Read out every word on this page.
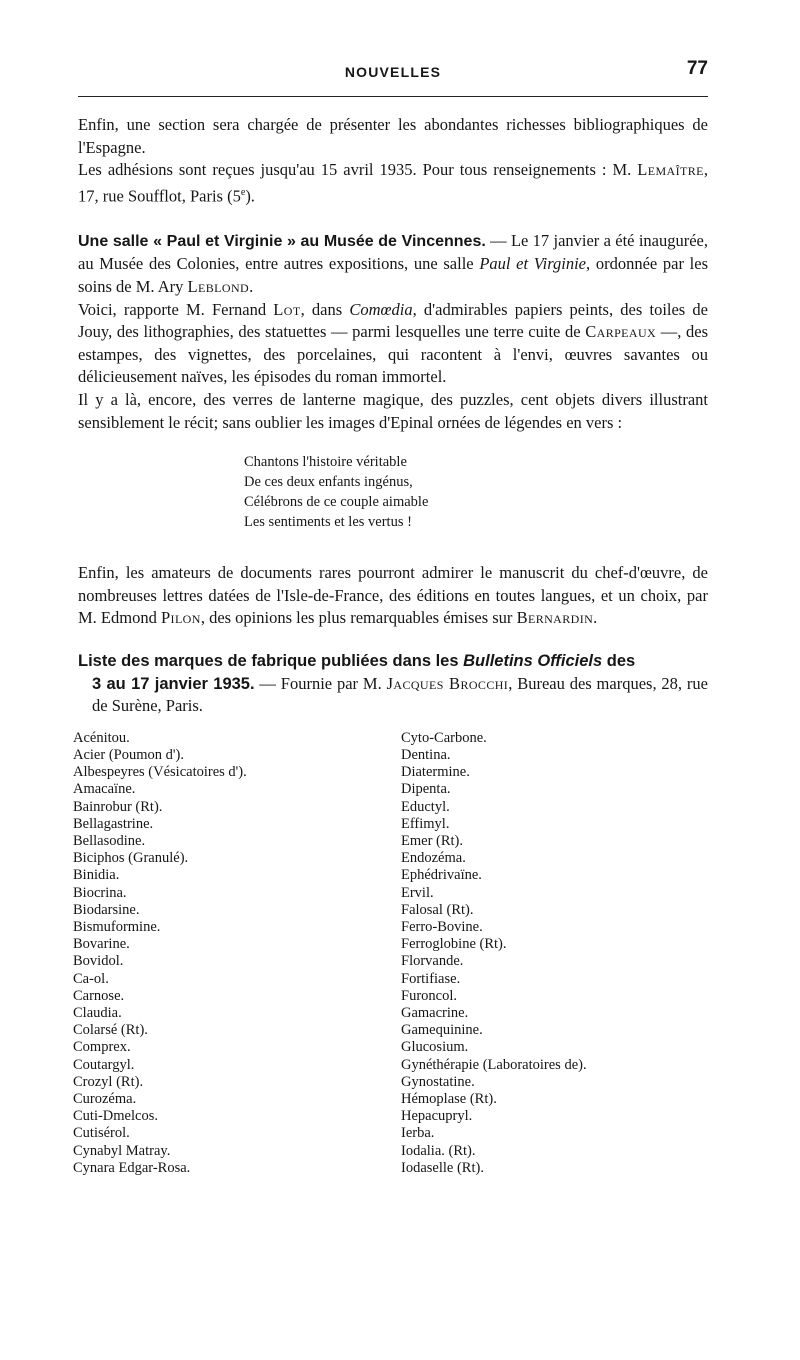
NOUVELLES	77

Enfin, une section sera chargée de présenter les abondantes richesses bibliographiques de l'Espagne.

Les adhésions sont reçues jusqu'au 15 avril 1935. Pour tous renseignements : M. Lemaître, 17, rue Soufflot, Paris (5e).

Une salle « Paul et Virginie » au Musée de Vincennes. — Le 17 janvier a été inaugurée, au Musée des Colonies, entre autres expositions, une salle Paul et Virginie, ordonnée par les soins de M. Ary Leblond.

Voici, rapporte M. Fernand Lot, dans Comœdia, d'admirables papiers peints, des toiles de Jouy, des lithographies, des statuettes — parmi lesquelles une terre cuite de Carpeaux —, des estampes, des vignettes, des porcelaines, qui racontent à l'envi, œuvres savantes ou délicieusement naïves, les épisodes du roman immortel.

Il y a là, encore, des verres de lanterne magique, des puzzles, cent objets divers illustrant sensiblement le récit; sans oublier les images d'Epinal ornées de légendes en vers :

Chantons l'histoire véritable
De ces deux enfants ingénus,
Célébrons de ce couple aimable
Les sentiments et les vertus !

Enfin, les amateurs de documents rares pourront admirer le manuscrit du chef-d'œuvre, de nombreuses lettres datées de l'Isle-de-France, des éditions en toutes langues, et un choix, par M. Edmond Pilon, des opinions les plus remarquables émises sur Bernardin.

Liste des marques de fabrique publiées dans les Bulletins Officiels des
3 au 17 janvier 1935. — Fournie par M. Jacques Brocchi, Bureau des marques, 28, rue de Surène, Paris.
Acénitou.
Acier (Poumon d').
Albespeyres (Vésicatoires d').
Amacaïne.
Bainrobur (Rt).
Bellagastrine.
Bellasodine.
Biciphos (Granulé).
Binidia.
Biocrina.
Biodarsine.
Bismuformine.
Bovarine.
Bovidol.
Ca-ol.
Carnose.
Claudia.
Colarsé (Rt).
Comprex.
Coutargyl.
Crozyl (Rt).
Curozéma.
Cuti-Dmelcos.
Cutisérol.
Cynabyl Matray.
Cynara Edgar-Rosa.
Cyto-Carbone.
Dentina.
Diatermine.
Dipenta.
Eductyl.
Effimyl.
Emer (Rt).
Endozéma.
Ephédrivaïne.
Ervil.
Falosal (Rt).
Ferro-Bovine.
Ferroglobine (Rt).
Florvande.
Fortifiase.
Furoncol.
Gamacrine.
Gamequinine.
Glucosium.
Gynéthérapie (Laboratoires de).
Gynostatine.
Hémoplase (Rt).
Hepacupryl.
Ierba.
Iodalia. (Rt).
Iodaselle (Rt).
